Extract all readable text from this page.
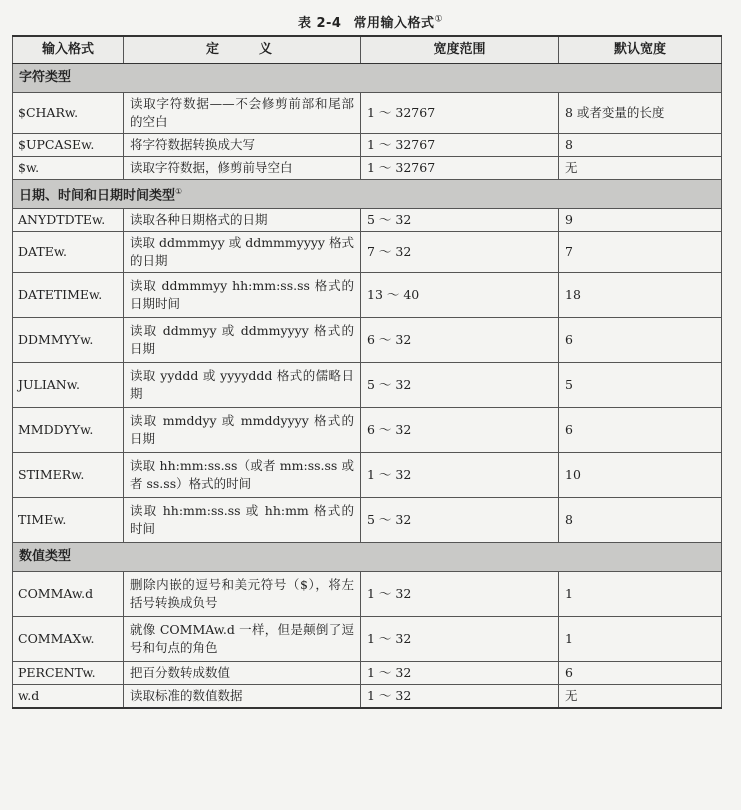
表 2-4 常用输入格式①
输入格式	定义	宽度范围	默认宽度
字符类型			
$CHARw.	读取字符数据——不会修剪前部和尾部的空白	1 ～ 32767	8 或者变量的长度
$UPCASEw.	将字符数据转换成大写	1 ～ 32767	8
$w.	读取字符数据，修剪前导空白	1 ～ 32767	无
日期、时间和日期时间类型①
ANYDTDTEw.	读取各种日期格式的日期	5 ～ 32	9
DATEw.	读取 ddmmmyy 或 ddmmmyyyy 格式的日期	7 ～ 32	7
DATETIMEw.	读取 ddmmmyy hh:mm:ss.ss 格式的日期时间	13 ～ 40	18
DDMMYYw.	读取 ddmmyy 或 ddmmyyyy 格式的日期	6 ～ 32	6
JULIANw.	读取 yyddd 或 yyyyddd 格式的儒略日期	5 ～ 32	5
MMDDYYw.	读取 mmddyy 或 mmddyyyy 格式的日期	6 ～ 32	6
STIMERw.	读取 hh:mm:ss.ss（或者 mm:ss.ss 或者 ss.ss）格式的时间	1 ～ 32	10
TIMEw.	读取 hh:mm:ss.ss 或 hh:mm 格式的时间	5 ～ 32	8
数值类型			
COMMAw.d	删除内嵌的逗号和美元符号（$），将左括号转换成负号	1 ～ 32	1
COMMAXw.	就像 COMMAw.d 一样，但是颠倒了逗号和句点的角色	1 ～ 32	1
PERCENTw.	把百分数转成数值	1 ～ 32	6
w.d	读取标准的数值数据	1 ～ 32	无
